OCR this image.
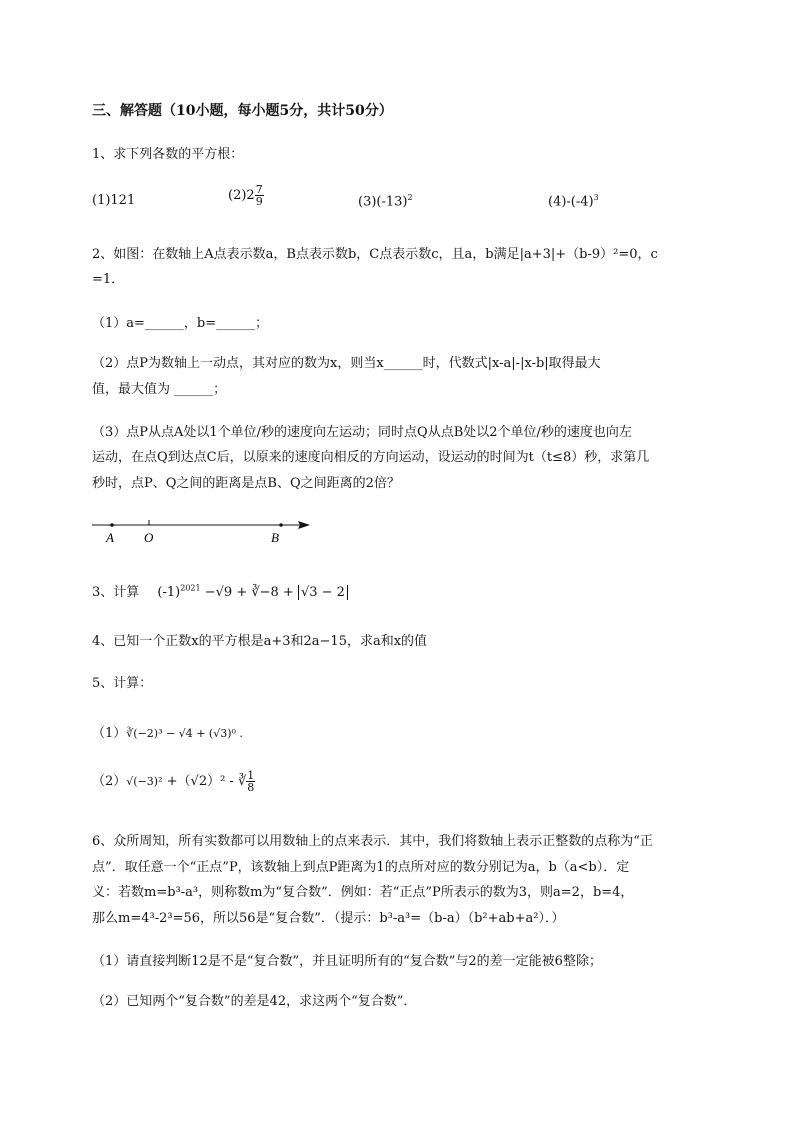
三、解答题（10小题，每小题5分，共计50分）
1、求下列各数的平方根：
(1)121	$(2)2 \frac{7}{9}$	$(3)(-13)^2$	$(4)-(-4)^3$
2、如图：在数轴上A点表示数a，B点表示数b，C点表示数c，且a，b满足|a+3|+（b-9）²=0，c
=1．
（1）a=______，b=______；
（2）点P为数轴上一动点，其对应的数为x，则当x______时，代数式|x-a|-|x-b|取得最大
值，最大值为 ______；
（3）点P从点A处以1个单位/秒的速度向左运动；同时点Q从点B处以2个单位/秒的速度也向左
运动，在点Q到达点C后，以原来的速度向相反的方向运动，设运动的时间为t（t≤8）秒，求第几
秒时，点P、Q之间的距离是点B、Q之间距离的2倍？
A O	B
3、计算 $(-1)^{2021} -√9$ + ∛−8 + √3 − 2
4、已知一个正数x的平方根是a+3和2a−15，求a和x的值
5、计算：
（1）∛(−2)³ − √4 + (√3)⁰ .
（2）√(−3)² +（√2）² - ∛ $\frac{1}{8}$
6、众所周知，所有实数都可以用数轴上的点来表示．其中，我们将数轴上表示正整数的点称为“正
点”．取任意一个“正点”P，该数轴上到点P距离为1的点所对应的数分别记为a，b（a<b）．定
义：若数m=b³-a³，则称数m为“复合数”．例如：若“正点”P所表示的数为3，则a=2，b=4，
那么m=4³-2³=56，所以56是“复合数”．（提示：b³-a³=（b-a）（b²+ab+a²）．）
（1）请直接判断12是不是“复合数”，并且证明所有的“复合数”与2的差一定能被6整除；
（2）已知两个“复合数”的差是42，求这两个“复合数”．
